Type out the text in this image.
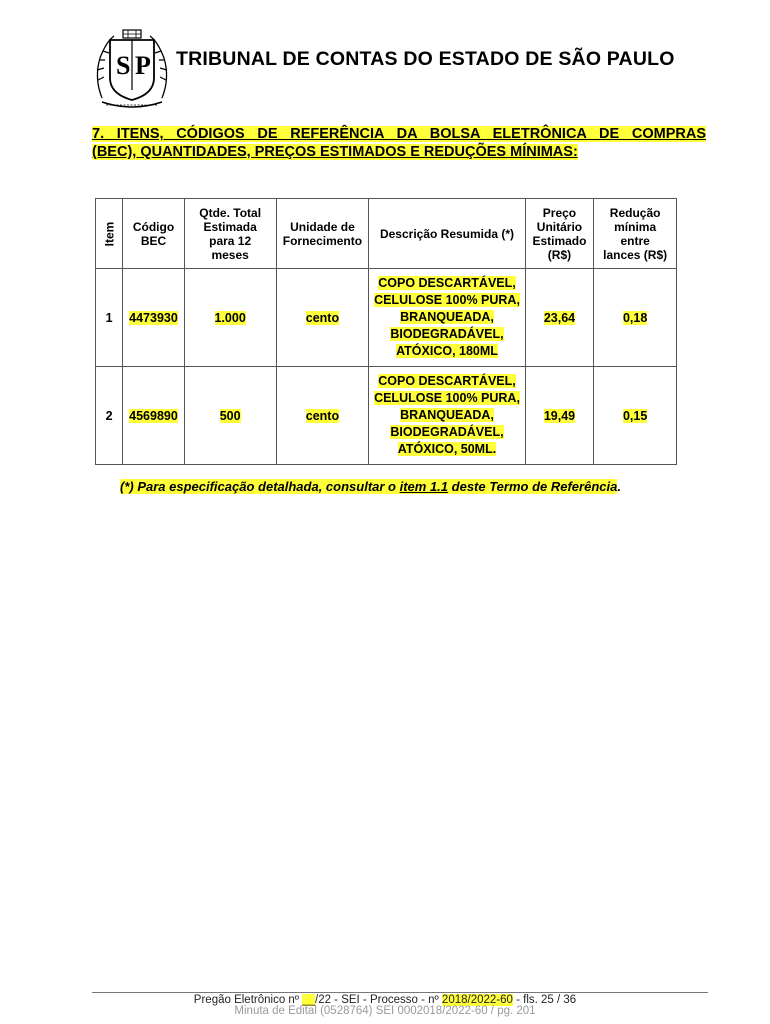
S P TRIBUNAL DE CONTAS DO ESTADO DE SÃO PAULO
7. ITENS, CÓDIGOS DE REFERÊNCIA DA BOLSA ELETRÔNICA DE COMPRAS
(BEC), QUANTIDADES, PREÇOS ESTIMADOS E REDUÇÕES MÍNIMAS:
Item	Código
BEC	Qtde. Total
Estimada
para 12
meses	Unidade de
Fornecimento	Descrição Resumida (*)	Preço
Unitário
Estimado
(R$)	Redução
mínima
entre
lances (R$)
1	4473930	1.000	cento	COPO DESCARTÁVEL,
CELULOSE 100% PURA,
BRANQUEADA,
BIODEGRADÁVEL,
ATÓXICO, 180ML	23,64	0,18
2	4569890	500	cento	COPO DESCARTÁVEL,
CELULOSE 100% PURA,
BRANQUEADA,
BIODEGRADÁVEL,
ATÓXICO, 50ML.	19,49	0,15
(*) Para especificação detalhada, consultar o item 1.1 deste Termo de Referência.
Pregão Eletrônico nº __/22 - SEI - Processo - nº 2018/2022-60 - fls. 25 / 36
Minuta de Edital (0528764) SEI 0002018/2022-60 / pg. 201
